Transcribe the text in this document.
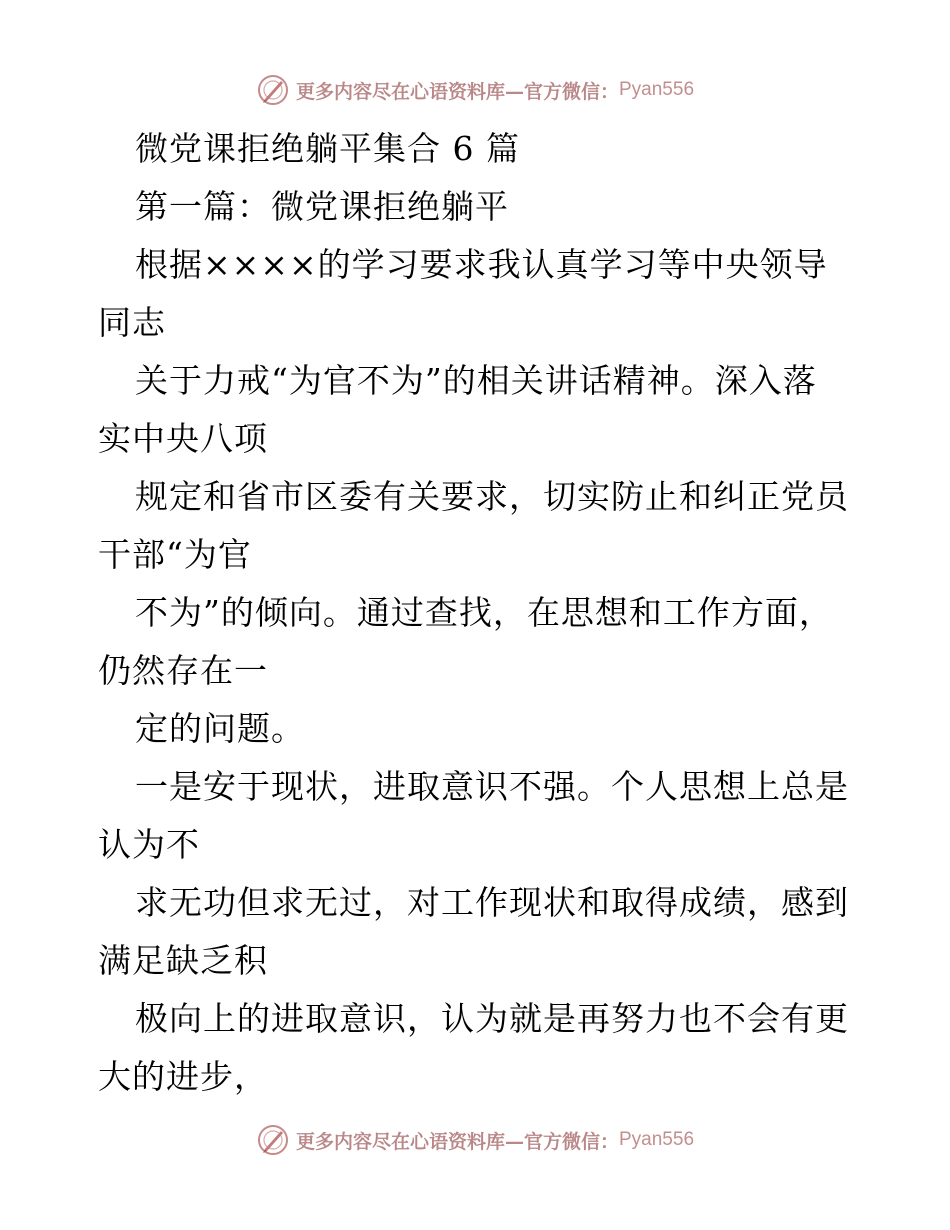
更多内容尽在心语资料库—官方微信： Pyan556
微党课拒绝躺平集合 6 篇
第一篇：微党课拒绝躺平
根据××××的学习要求我认真学习等中央领导
同志
关于力戒“为官不为”的相关讲话精神。深入落
实中央八项
规定和省市区委有关要求，切实防止和纠正党员
干部“为官
不为”的倾向。通过查找，在思想和工作方面，
仍然存在一
定的问题。
一是安于现状，进取意识不强。个人思想上总是
认为不
求无功但求无过，对工作现状和取得成绩，感到
满足缺乏积
极向上的进取意识，认为就是再努力也不会有更
大的进步，
更多内容尽在心语资料库—官方微信： Pyan556
